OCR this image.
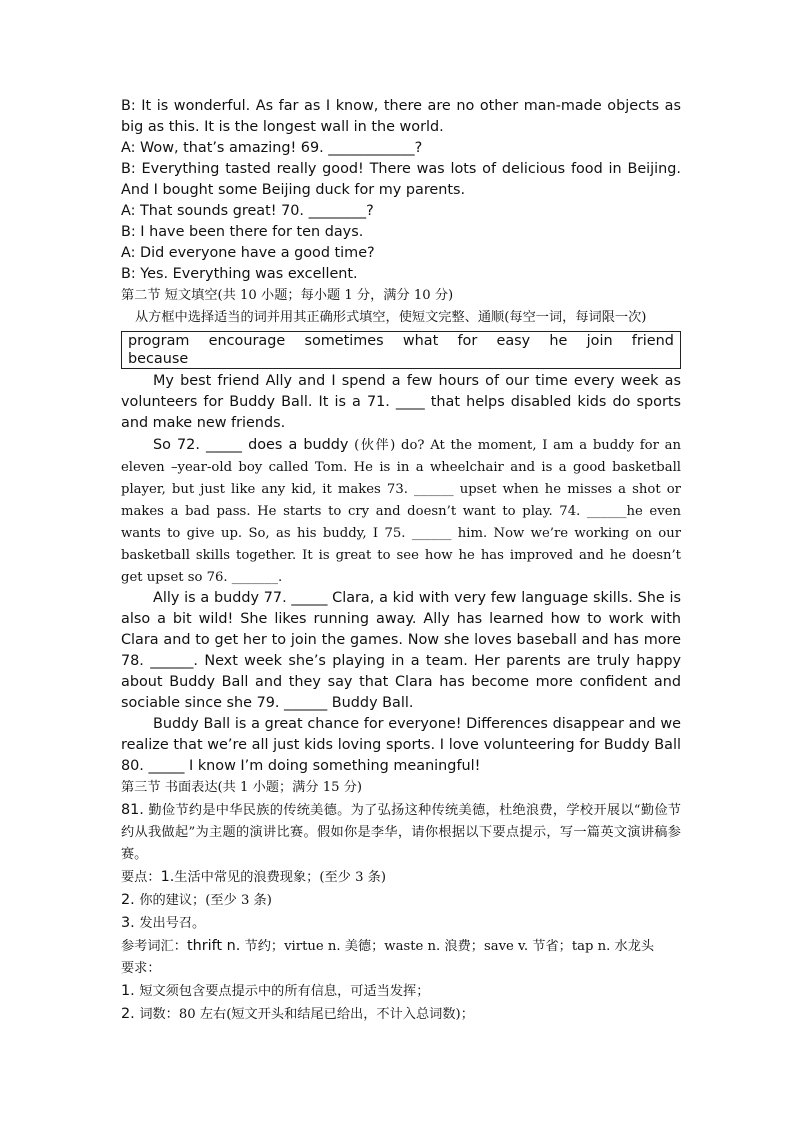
B: It is wonderful. As far as I know, there are no other man-made objects as big as this. It is the longest wall in the world.

A: Wow, that’s amazing! 69. ____________?

B: Everything tasted really good! There was lots of delicious food in Beijing. And I bought some Beijing duck for my parents.

A: That sounds great! 70. ________?

B: I have been there for ten days.

A: Did everyone have a good time?

B: Yes. Everything was excellent.

第二节 短文填空(共 10 小题；每小题 1 分，满分 10 分)

从方框中选择适当的词并用其正确形式填空，使短文完整、通顺(每空一词，每词限一次)

program encourage sometimes what for easy he join friend
because

My best friend Ally and I spend a few hours of our time every week as volunteers for Buddy Ball. It is a 71. ____ that helps disabled kids do sports and make new friends.

So 72. _____ does a buddy (伙伴) do? At the moment, I am a buddy for an eleven –year-old boy called Tom. He is in a wheelchair and is a good basketball player, but just like any kid, it makes 73. ______ upset when he misses a shot or makes a bad pass. He starts to cry and doesn’t want to play. 74. ______he even wants to give up. So, as his buddy, I 75. ______ him. Now we’re working on our basketball skills together. It is great to see how he has improved and he doesn’t get upset so 76. _______.

Ally is a buddy 77. _____ Clara, a kid with very few language skills. She is also a bit wild! She likes running away. Ally has learned how to work with Clara and to get her to join the games. Now she loves baseball and has more 78. ______. Next week she’s playing in a team. Her parents are truly happy about Buddy Ball and they say that Clara has become more confident and sociable since she 79. ______ Buddy Ball.

Buddy Ball is a great chance for everyone! Differences disappear and we realize that we’re all just kids loving sports. I love volunteering for Buddy Ball 80. _____ I know I’m doing something meaningful!

第三节 书面表达(共 1 小题；满分 15 分)

81. 勤俭节约是中华民族的传统美德。为了弘扬这种传统美德，杜绝浪费，学校开展以“勤俭节约从我做起”为主题的演讲比赛。假如你是李华，请你根据以下要点提示，写一篇英文演讲稿参赛。

要点：1.生活中常见的浪费现象；(至少 3 条)

2. 你的建议；(至少 3 条)

3. 发出号召。

参考词汇：thrift n. 节约；virtue n. 美德；waste n. 浪费；save v. 节省；tap n. 水龙头

要求：

1. 短文须包含要点提示中的所有信息，可适当发挥；

2. 词数：80 左右(短文开头和结尾已给出，不计入总词数)；
